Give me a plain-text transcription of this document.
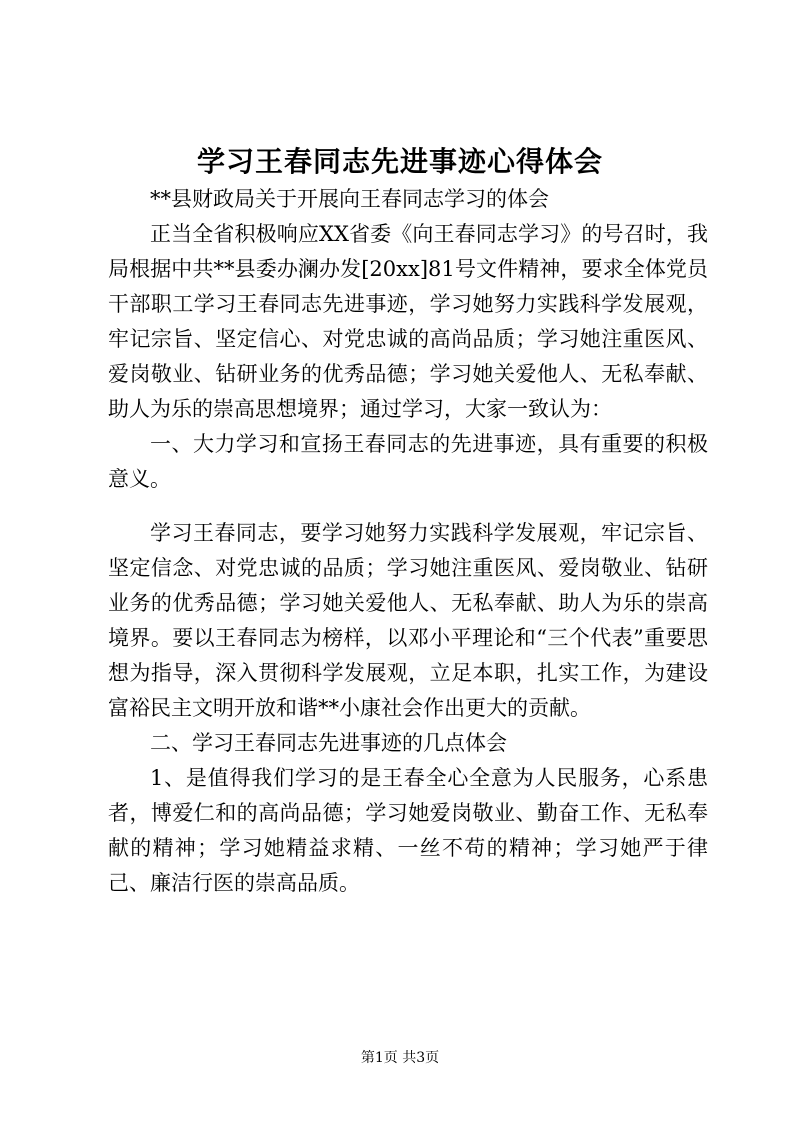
学习王春同志先进事迹心得体会

**县财政局关于开展向王春同志学习的体会

正当全省积极响应XX省委《向王春同志学习》的号召时，我局根据中共**县委办澜办发[20xx]81号文件精神，要求全体党员干部职工学习王春同志先进事迹，学习她努力实践科学发展观，牢记宗旨、坚定信心、对党忠诚的高尚品质；学习她注重医风、爱岗敬业、钻研业务的优秀品德；学习她关爱他人、无私奉献、助人为乐的崇高思想境界；通过学习，大家一致认为：

一、大力学习和宣扬王春同志的先进事迹，具有重要的积极意义。

学习王春同志，要学习她努力实践科学发展观，牢记宗旨、坚定信念、对党忠诚的品质；学习她注重医风、爱岗敬业、钻研业务的优秀品德；学习她关爱他人、无私奉献、助人为乐的崇高境界。要以王春同志为榜样，以邓小平理论和“三个代表”重要思想为指导，深入贯彻科学发展观，立足本职，扎实工作，为建设富裕民主文明开放和谐**小康社会作出更大的贡献。

二、学习王春同志先进事迹的几点体会

1、是值得我们学习的是王春全心全意为人民服务，心系患者，博爱仁和的高尚品德；学习她爱岗敬业、勤奋工作、无私奉献的精神；学习她精益求精、一丝不苟的精神；学习她严于律己、廉洁行医的崇高品质。

第1页 共3页
